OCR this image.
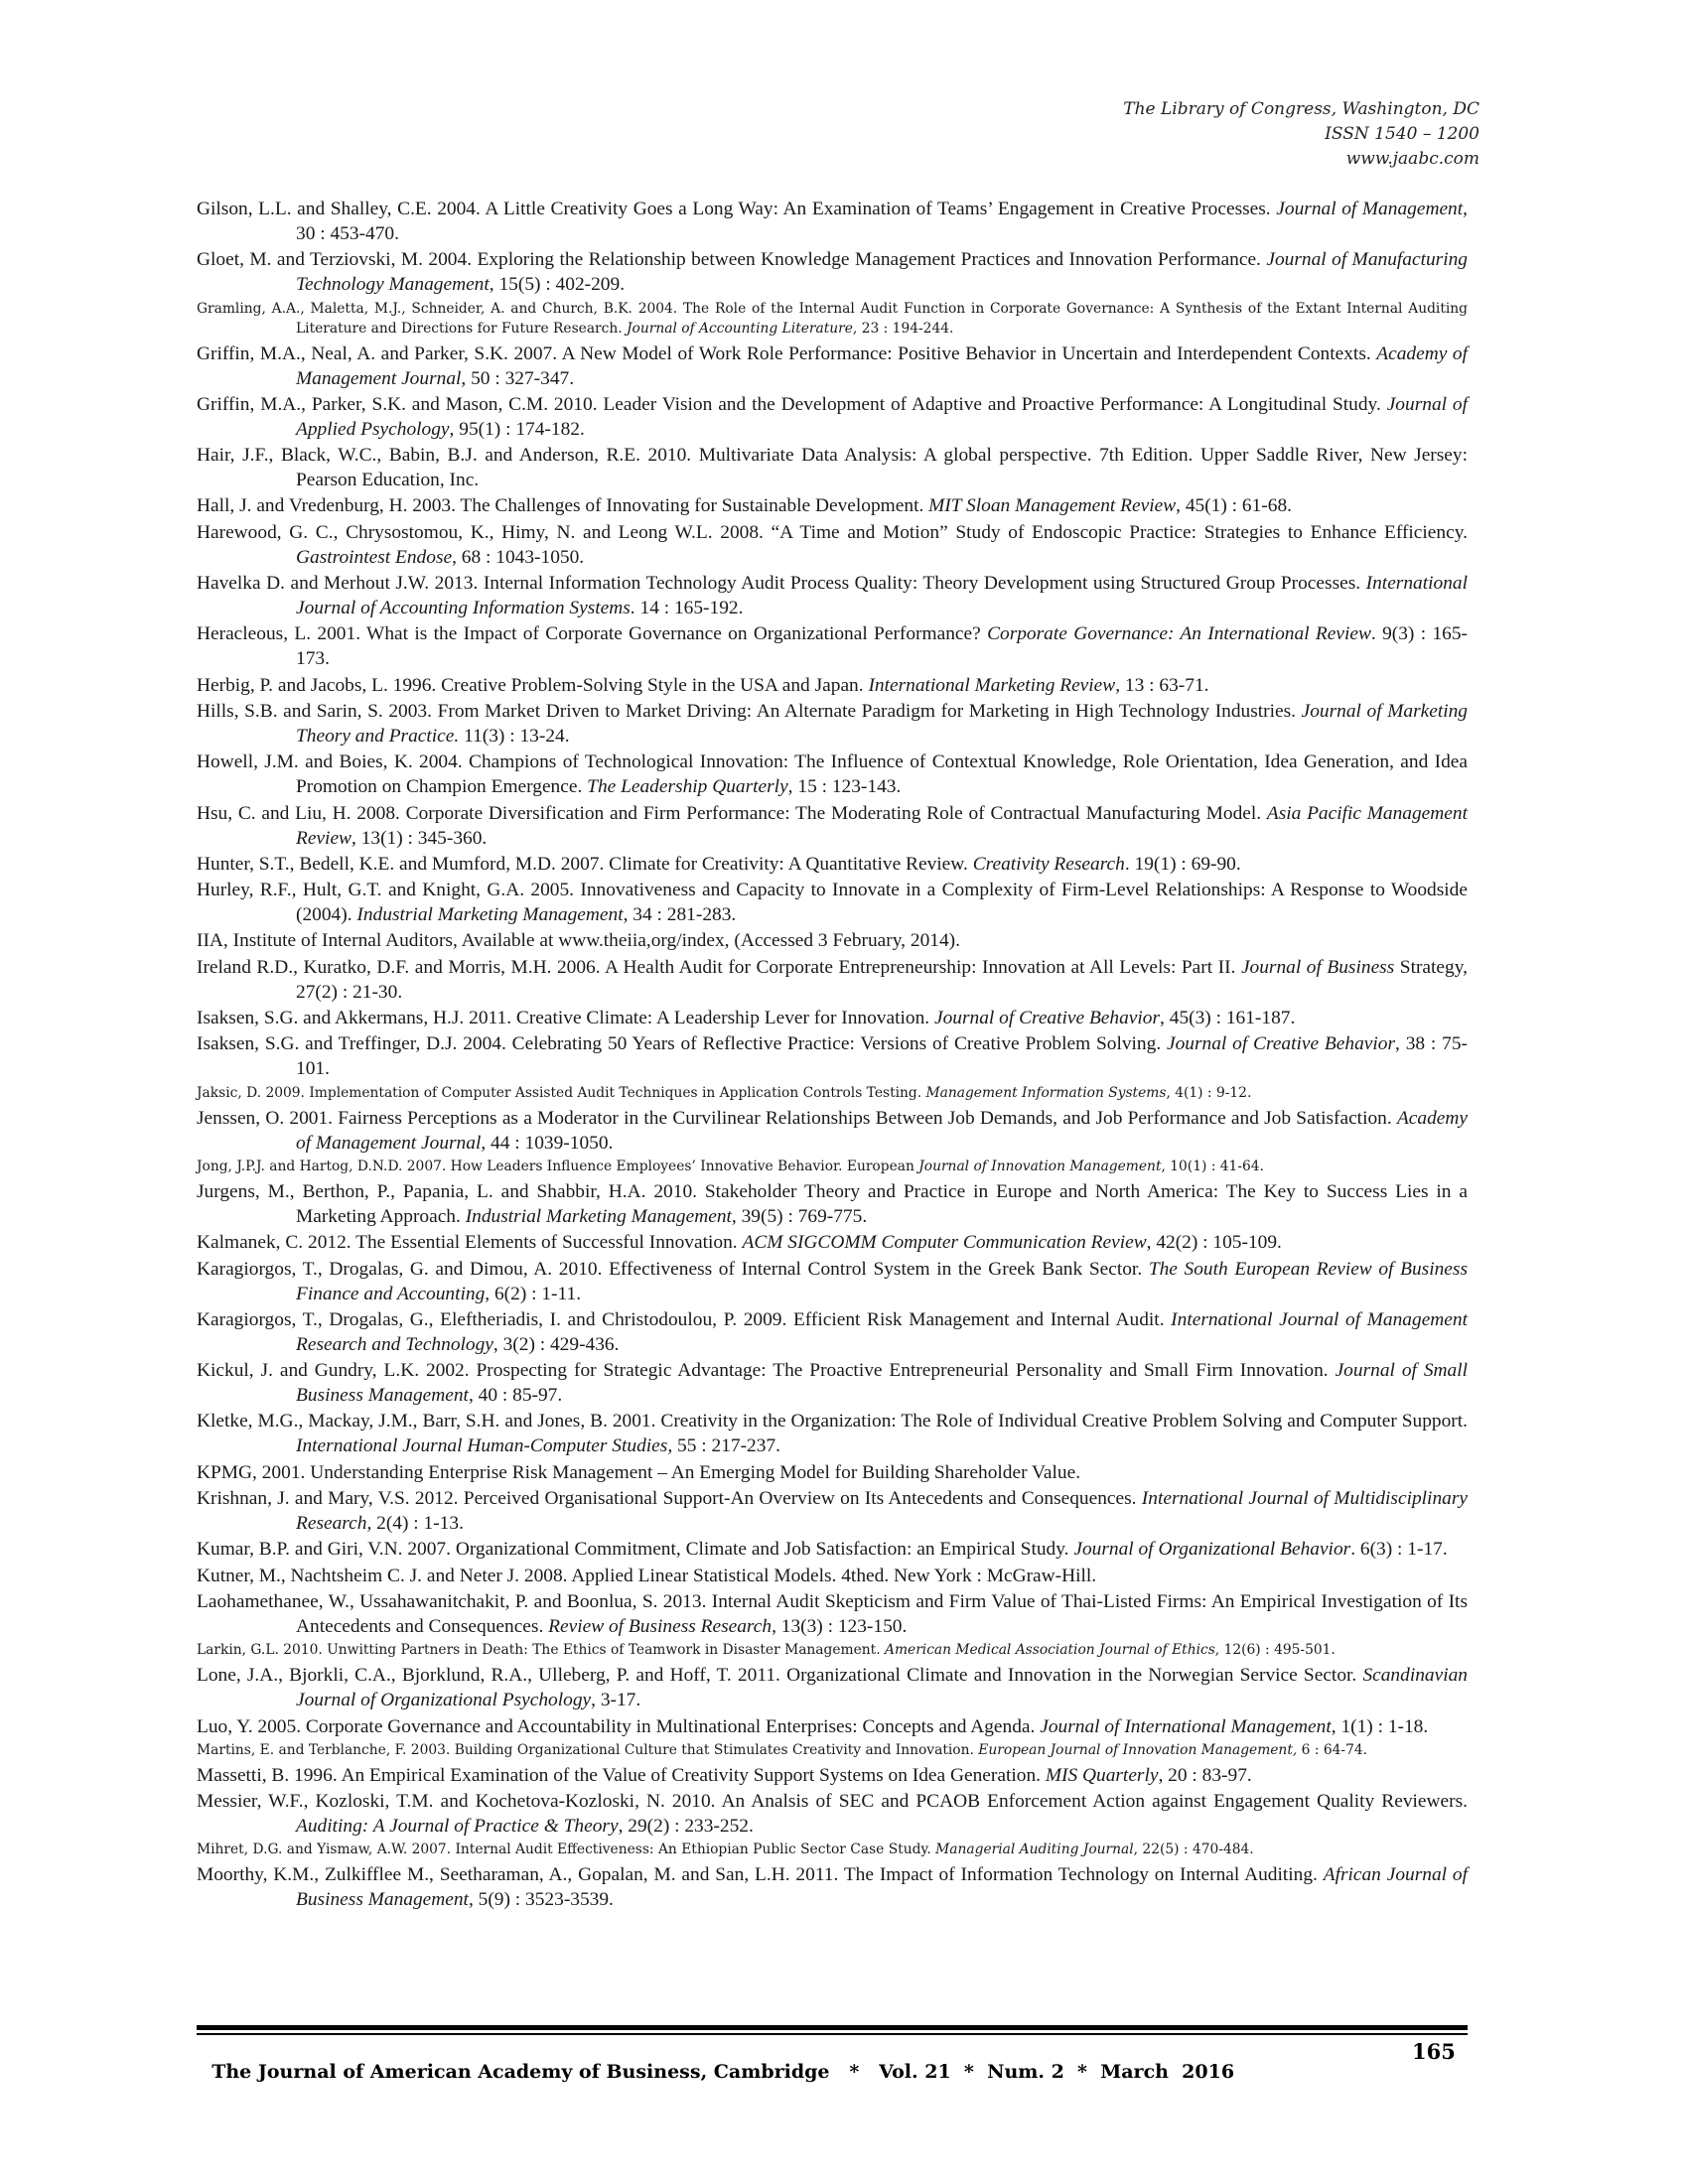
The Library of Congress, Washington, DC
ISSN 1540 – 1200
www.jaabc.com
Gilson, L.L. and Shalley, C.E. 2004. A Little Creativity Goes a Long Way: An Examination of Teams’ Engagement in Creative Processes. Journal of Management, 30 : 453-470.
Gloet, M. and Terziovski, M. 2004. Exploring the Relationship between Knowledge Management Practices and Innovation Performance. Journal of Manufacturing Technology Management, 15(5) : 402-209.
Gramling, A.A., Maletta, M.J., Schneider, A. and Church, B.K. 2004. The Role of the Internal Audit Function in Corporate Governance: A Synthesis of the Extant Internal Auditing Literature and Directions for Future Research. Journal of Accounting Literature, 23 : 194-244.
Griffin, M.A., Neal, A. and Parker, S.K. 2007. A New Model of Work Role Performance: Positive Behavior in Uncertain and Interdependent Contexts. Academy of Management Journal, 50 : 327-347.
Griffin, M.A., Parker, S.K. and Mason, C.M. 2010. Leader Vision and the Development of Adaptive and Proactive Performance: A Longitudinal Study. Journal of Applied Psychology, 95(1) : 174-182.
Hair, J.F., Black, W.C., Babin, B.J. and Anderson, R.E. 2010. Multivariate Data Analysis: A global perspective. 7th Edition. Upper Saddle River, New Jersey: Pearson Education, Inc.
Hall, J. and Vredenburg, H. 2003. The Challenges of Innovating for Sustainable Development. MIT Sloan Management Review, 45(1) : 61-68.
Harewood, G. C., Chrysostomou, K., Himy, N. and Leong W.L. 2008. “A Time and Motion” Study of Endoscopic Practice: Strategies to Enhance Efficiency. Gastrointest Endose, 68 : 1043-1050.
Havelka D. and Merhout J.W. 2013. Internal Information Technology Audit Process Quality: Theory Development using Structured Group Processes. International Journal of Accounting Information Systems. 14 : 165-192.
Heracleous, L. 2001. What is the Impact of Corporate Governance on Organizational Performance? Corporate Governance: An International Review. 9(3) : 165-173.
Herbig, P. and Jacobs, L. 1996. Creative Problem-Solving Style in the USA and Japan. International Marketing Review, 13 : 63-71.
Hills, S.B. and Sarin, S. 2003. From Market Driven to Market Driving: An Alternate Paradigm for Marketing in High Technology Industries. Journal of Marketing Theory and Practice. 11(3) : 13-24.
Howell, J.M. and Boies, K. 2004. Champions of Technological Innovation: The Influence of Contextual Knowledge, Role Orientation, Idea Generation, and Idea Promotion on Champion Emergence. The Leadership Quarterly, 15 : 123-143.
Hsu, C. and Liu, H. 2008. Corporate Diversification and Firm Performance: The Moderating Role of Contractual Manufacturing Model. Asia Pacific Management Review, 13(1) : 345-360.
Hunter, S.T., Bedell, K.E. and Mumford, M.D. 2007. Climate for Creativity: A Quantitative Review. Creativity Research. 19(1) : 69-90.
Hurley, R.F., Hult, G.T. and Knight, G.A. 2005. Innovativeness and Capacity to Innovate in a Complexity of Firm-Level Relationships: A Response to Woodside (2004). Industrial Marketing Management, 34 : 281-283.
IIA, Institute of Internal Auditors, Available at www.theiia,org/index, (Accessed 3 February, 2014).
Ireland R.D., Kuratko, D.F. and Morris, M.H. 2006. A Health Audit for Corporate Entrepreneurship: Innovation at All Levels: Part II. Journal of Business Strategy, 27(2) : 21-30.
Isaksen, S.G. and Akkermans, H.J. 2011. Creative Climate: A Leadership Lever for Innovation. Journal of Creative Behavior, 45(3) : 161-187.
Isaksen, S.G. and Treffinger, D.J. 2004. Celebrating 50 Years of Reflective Practice: Versions of Creative Problem Solving. Journal of Creative Behavior, 38 : 75-101.
Jaksic, D. 2009. Implementation of Computer Assisted Audit Techniques in Application Controls Testing. Management Information Systems, 4(1) : 9-12.
Jenssen, O. 2001. Fairness Perceptions as a Moderator in the Curvilinear Relationships Between Job Demands, and Job Performance and Job Satisfaction. Academy of Management Journal, 44 : 1039-1050.
Jong, J.P.J. and Hartog, D.N.D. 2007. How Leaders Influence Employees’ Innovative Behavior. European Journal of Innovation Management, 10(1) : 41-64.
Jurgens, M., Berthon, P., Papania, L. and Shabbir, H.A. 2010. Stakeholder Theory and Practice in Europe and North America: The Key to Success Lies in a Marketing Approach. Industrial Marketing Management, 39(5) : 769-775.
Kalmanek, C. 2012. The Essential Elements of Successful Innovation. ACM SIGCOMM Computer Communication Review, 42(2) : 105-109.
Karagiorgos, T., Drogalas, G. and Dimou, A. 2010. Effectiveness of Internal Control System in the Greek Bank Sector. The South European Review of Business Finance and Accounting, 6(2) : 1-11.
Karagiorgos, T., Drogalas, G., Eleftheriadis, I. and Christodoulou, P. 2009. Efficient Risk Management and Internal Audit. International Journal of Management Research and Technology, 3(2) : 429-436.
Kickul, J. and Gundry, L.K. 2002. Prospecting for Strategic Advantage: The Proactive Entrepreneurial Personality and Small Firm Innovation. Journal of Small Business Management, 40 : 85-97.
Kletke, M.G., Mackay, J.M., Barr, S.H. and Jones, B. 2001. Creativity in the Organization: The Role of Individual Creative Problem Solving and Computer Support. International Journal Human-Computer Studies, 55 : 217-237.
KPMG, 2001. Understanding Enterprise Risk Management – An Emerging Model for Building Shareholder Value.
Krishnan, J. and Mary, V.S. 2012. Perceived Organisational Support-An Overview on Its Antecedents and Consequences. International Journal of Multidisciplinary Research, 2(4) : 1-13.
Kumar, B.P. and Giri, V.N. 2007. Organizational Commitment, Climate and Job Satisfaction: an Empirical Study. Journal of Organizational Behavior. 6(3) : 1-17.
Kutner, M., Nachtsheim C. J. and Neter J. 2008. Applied Linear Statistical Models. 4thed. New York : McGraw-Hill.
Laohamethanee, W., Ussahawanitchakit, P. and Boonlua, S. 2013. Internal Audit Skepticism and Firm Value of Thai-Listed Firms: An Empirical Investigation of Its Antecedents and Consequences. Review of Business Research, 13(3) : 123-150.
Larkin, G.L. 2010. Unwitting Partners in Death: The Ethics of Teamwork in Disaster Management. American Medical Association Journal of Ethics, 12(6) : 495-501.
Lone, J.A., Bjorkli, C.A., Bjorklund, R.A., Ulleberg, P. and Hoff, T. 2011. Organizational Climate and Innovation in the Norwegian Service Sector. Scandinavian Journal of Organizational Psychology, 3-17.
Luo, Y. 2005. Corporate Governance and Accountability in Multinational Enterprises: Concepts and Agenda. Journal of International Management, 1(1) : 1-18.
Martins, E. and Terblanche, F. 2003. Building Organizational Culture that Stimulates Creativity and Innovation. European Journal of Innovation Management, 6 : 64-74.
Massetti, B. 1996. An Empirical Examination of the Value of Creativity Support Systems on Idea Generation. MIS Quarterly, 20 : 83-97.
Messier, W.F., Kozloski, T.M. and Kochetova-Kozloski, N. 2010. An Analsis of SEC and PCAOB Enforcement Action against Engagement Quality Reviewers. Auditing: A Journal of Practice & Theory, 29(2) : 233-252.
Mihret, D.G. and Yismaw, A.W. 2007. Internal Audit Effectiveness: An Ethiopian Public Sector Case Study. Managerial Auditing Journal, 22(5) : 470-484.
Moorthy, K.M., Zulkifflee M., Seetharaman, A., Gopalan, M. and San, L.H. 2011. The Impact of Information Technology on Internal Auditing. African Journal of Business Management, 5(9) : 3523-3539.

The Journal of American Academy of Business, Cambridge   *   Vol. 21  *  Num. 2  *  March  2016

165
